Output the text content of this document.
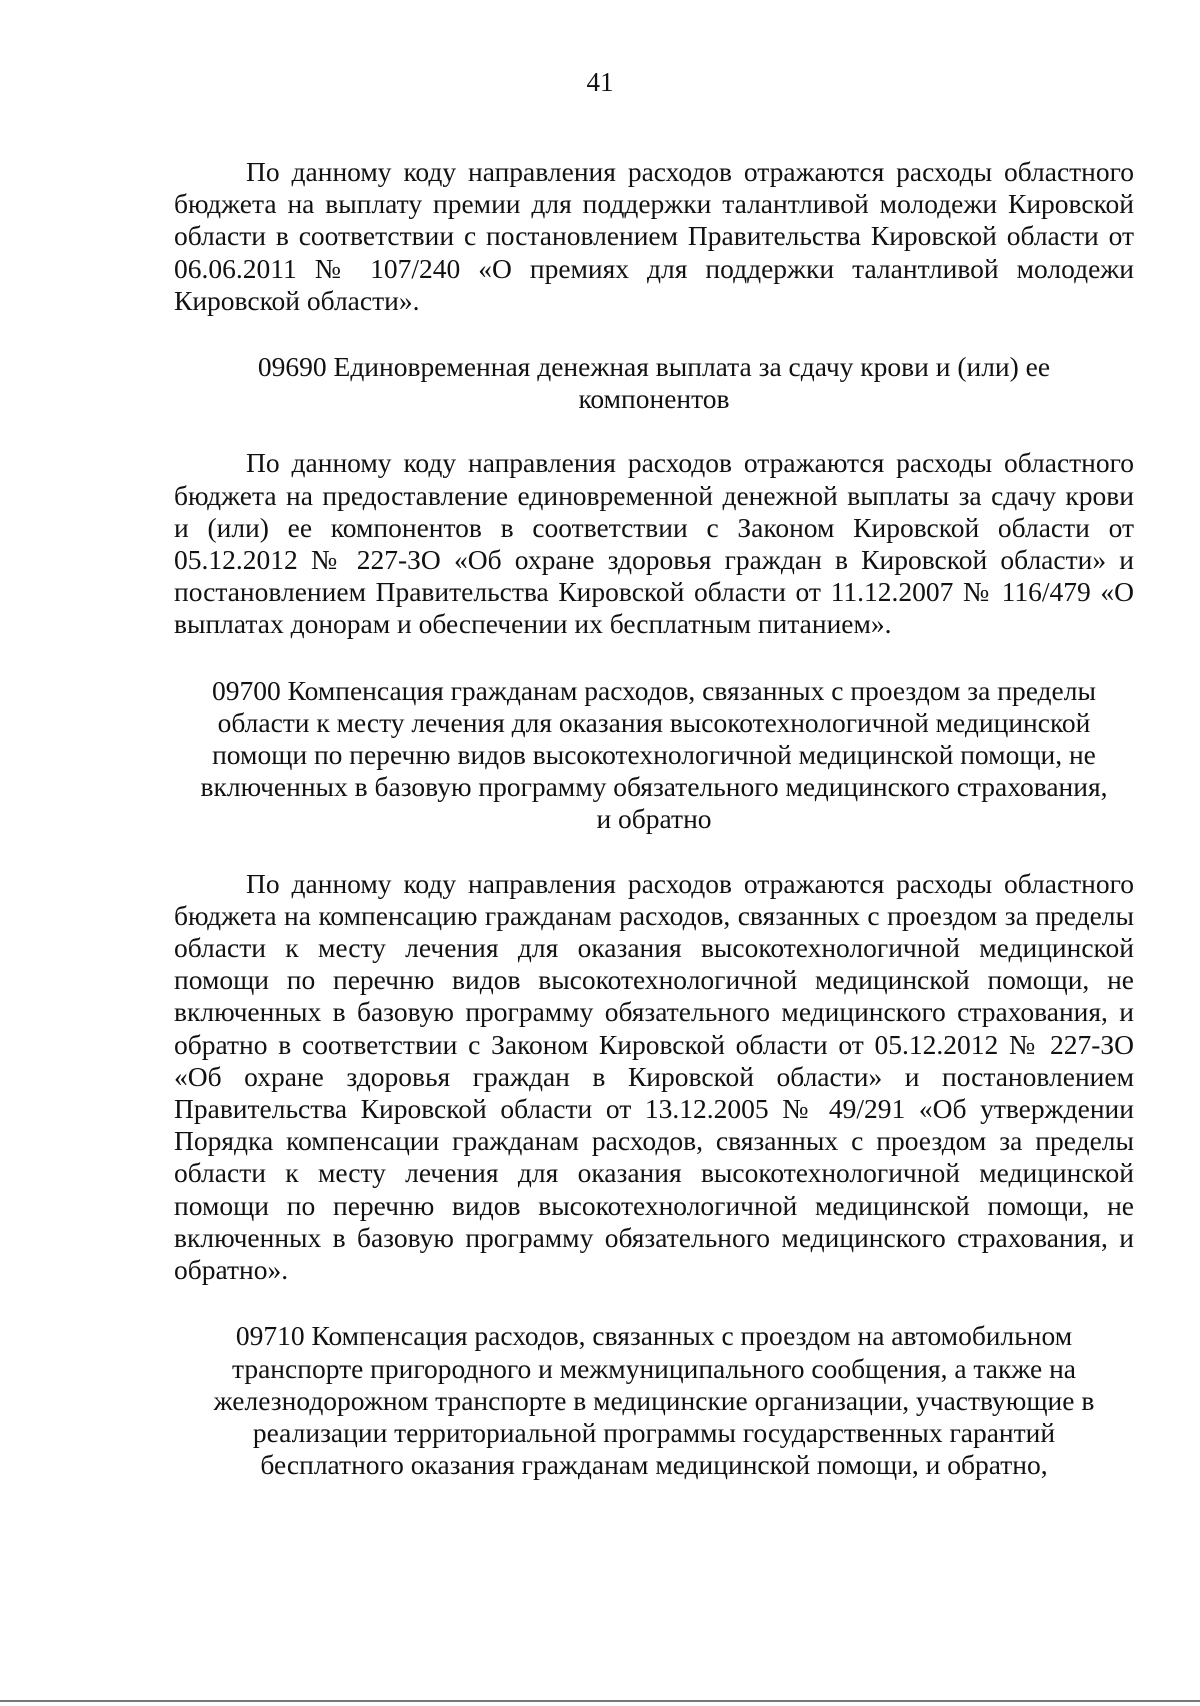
41

По данному коду направления расходов отражаются расходы областного бюджета на выплату премии для поддержки талантливой молодежи Кировской области в соответствии с постановлением Правительства Кировской области от 06.06.2011 № 107/240 «О премиях для поддержки талантливой молодежи Кировской области».

09690 Единовременная денежная выплата за сдачу крови и (или) ее
компонентов

По данному коду направления расходов отражаются расходы областного бюджета на предоставление единовременной денежной выплаты за сдачу крови и (или) ее компонентов в соответствии с Законом Кировской области от 05.12.2012 № 227-ЗО «Об охране здоровья граждан в Кировской области» и постановлением Правительства Кировской области от 11.12.2007 № 116/479 «О выплатах донорам и обеспечении их бесплатным питанием».

09700 Компенсация гражданам расходов, связанных с проездом за пределы
области к месту лечения для оказания высокотехнологичной медицинской
помощи по перечню видов высокотехнологичной медицинской помощи, не
включенных в базовую программу обязательного медицинского страхования,
и обратно

По данному коду направления расходов отражаются расходы областного бюджета на компенсацию гражданам расходов, связанных с проездом за пределы области к месту лечения для оказания высокотехнологичной медицинской помощи по перечню видов высокотехнологичной медицинской помощи, не включенных в базовую программу обязательного медицинского страхования, и обратно в соответствии с Законом Кировской области от 05.12.2012 № 227-ЗО «Об охране здоровья граждан в Кировской области» и постановлением Правительства Кировской области от 13.12.2005 № 49/291 «Об утверждении Порядка компенсации гражданам расходов, связанных с проездом за пределы области к месту лечения для оказания высокотехнологичной медицинской помощи по перечню видов высокотехнологичной медицинской помощи, не включенных в базовую программу обязательного медицинского страхования, и обратно».

09710 Компенсация расходов, связанных с проездом на автомобильном
транспорте пригородного и межмуниципального сообщения, а также на
железнодорожном транспорте в медицинские организации, участвующие в
реализации территориальной программы государственных гарантий
бесплатного оказания гражданам медицинской помощи, и обратно,
